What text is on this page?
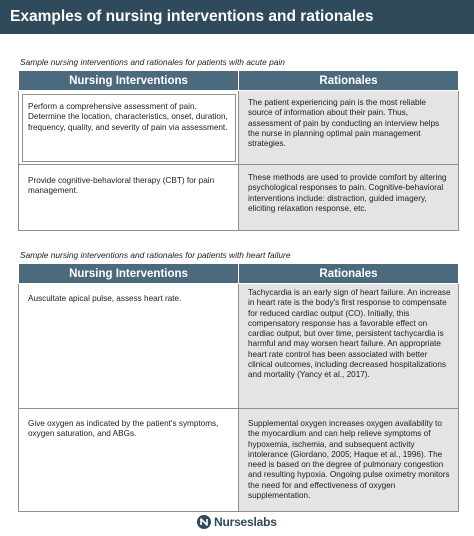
Examples of nursing interventions and rationales
Sample nursing interventions and rationales for patients with acute pain
Nursing Interventions	Rationales
Perform a comprehensive assessment of pain. Determine the location, characteristics, onset, duration, frequency, quality, and severity of pain via assessment.	The patient experiencing pain is the most reliable source of information about their pain. Thus, assessment of pain by conducting an interview helps the nurse in planning optimal pain management strategies.
Provide cognitive-behavioral therapy (CBT) for pain management.	These methods are used to provide comfort by altering psychological responses to pain. Cognitive-behavioral interventions include: distraction, guided imagery, eliciting relaxation response, etc.
Sample nursing interventions and rationales for patients with heart failure
Nursing Interventions	Rationales
Auscultate apical pulse, assess heart rate.	Tachycardia is an early sign of heart failure. An increase in heart rate is the body's first response to compensate for reduced cardiac output (CO). Initially, this compensatory response has a favorable effect on cardiac output, but over time, persistent tachycardia is harmful and may worsen heart failure. An appropriate heart rate control has been associated with better clinical outcomes, including decreased hospitalizations and mortality (Yancy et al., 2017).
Give oxygen as indicated by the patient's symptoms, oxygen saturation, and ABGs.	Supplemental oxygen increases oxygen availability to the myocardium and can help relieve symptoms of hypoxemia, ischemia, and subsequent activity intolerance (Giordano, 2005; Haque et al., 1996). The need is based on the degree of pulmonary congestion and resulting hypoxia. Ongoing pulse oximetry monitors the need for and effectiveness of oxygen supplementation.
Nurseslabs
